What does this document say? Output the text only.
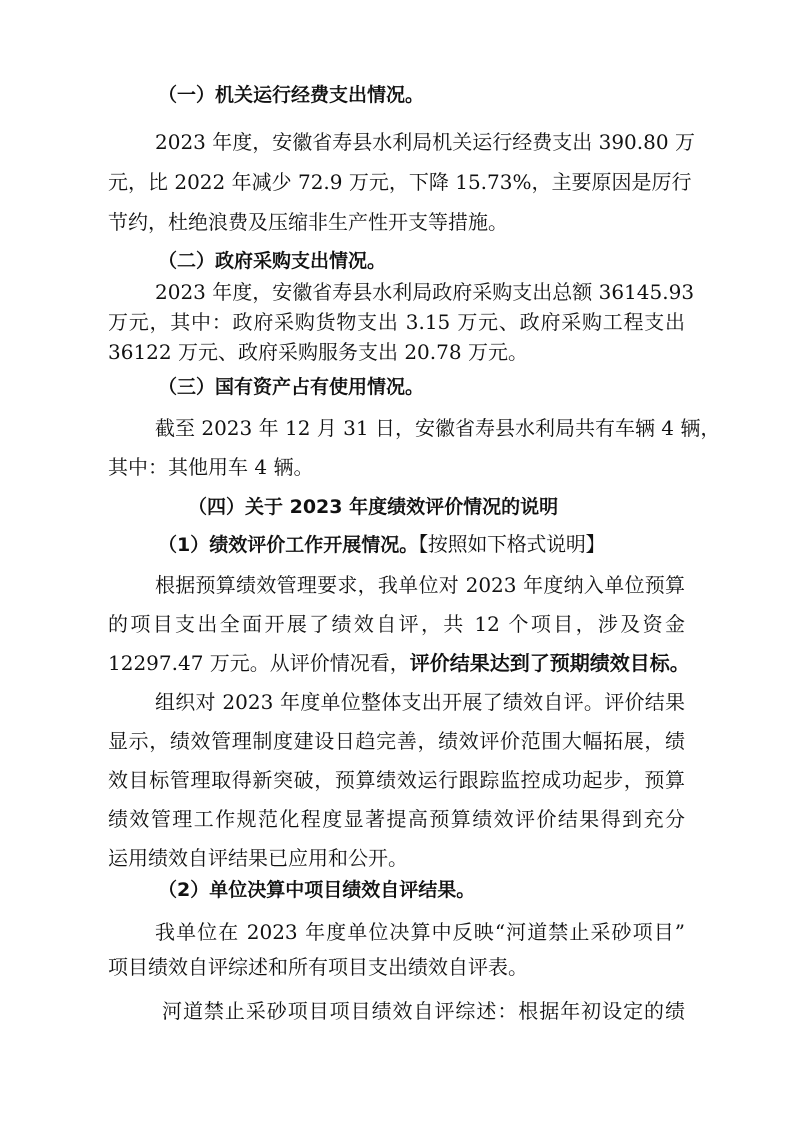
（一）机关运行经费支出情况。
2023 年度，安徽省寿县水利局机关运行经费支出 390.80 万
元，比 2022 年减少 72.9 万元，下降 15.73%，主要原因是厉行
节约，杜绝浪费及压缩非生产性开支等措施。
（二）政府采购支出情况。
2023 年度，安徽省寿县水利局政府采购支出总额 36145.93
万元，其中：政府采购货物支出 3.15 万元、政府采购工程支出
36122 万元、政府采购服务支出 20.78 万元。
（三）国有资产占有使用情况。
截至 2023 年 12 月 31 日，安徽省寿县水利局共有车辆 4 辆，
其中：其他用车 4 辆。
（四）关于 2023 年度绩效评价情况的说明
（1）绩效评价工作开展情况。【按照如下格式说明】
根据预算绩效管理要求，我单位对 2023 年度纳入单位预算
的项目支出全面开展了绩效自评，共 12 个项目，涉及资金
12297.47 万元。从评价情况看，评价结果达到了预期绩效目标。
组织对 2023 年度单位整体支出开展了绩效自评。评价结果
显示，绩效管理制度建设日趋完善，绩效评价范围大幅拓展，绩
效目标管理取得新突破，预算绩效运行跟踪监控成功起步，预算
绩效管理工作规范化程度显著提高预算绩效评价结果得到充分
运用绩效自评结果已应用和公开。
（2）单位决算中项目绩效自评结果。
我单位在 2023 年度单位决算中反映“河道禁止采砂项目”
项目绩效自评综述和所有项目支出绩效自评表。
河道禁止采砂项目项目绩效自评综述：根据年初设定的绩
